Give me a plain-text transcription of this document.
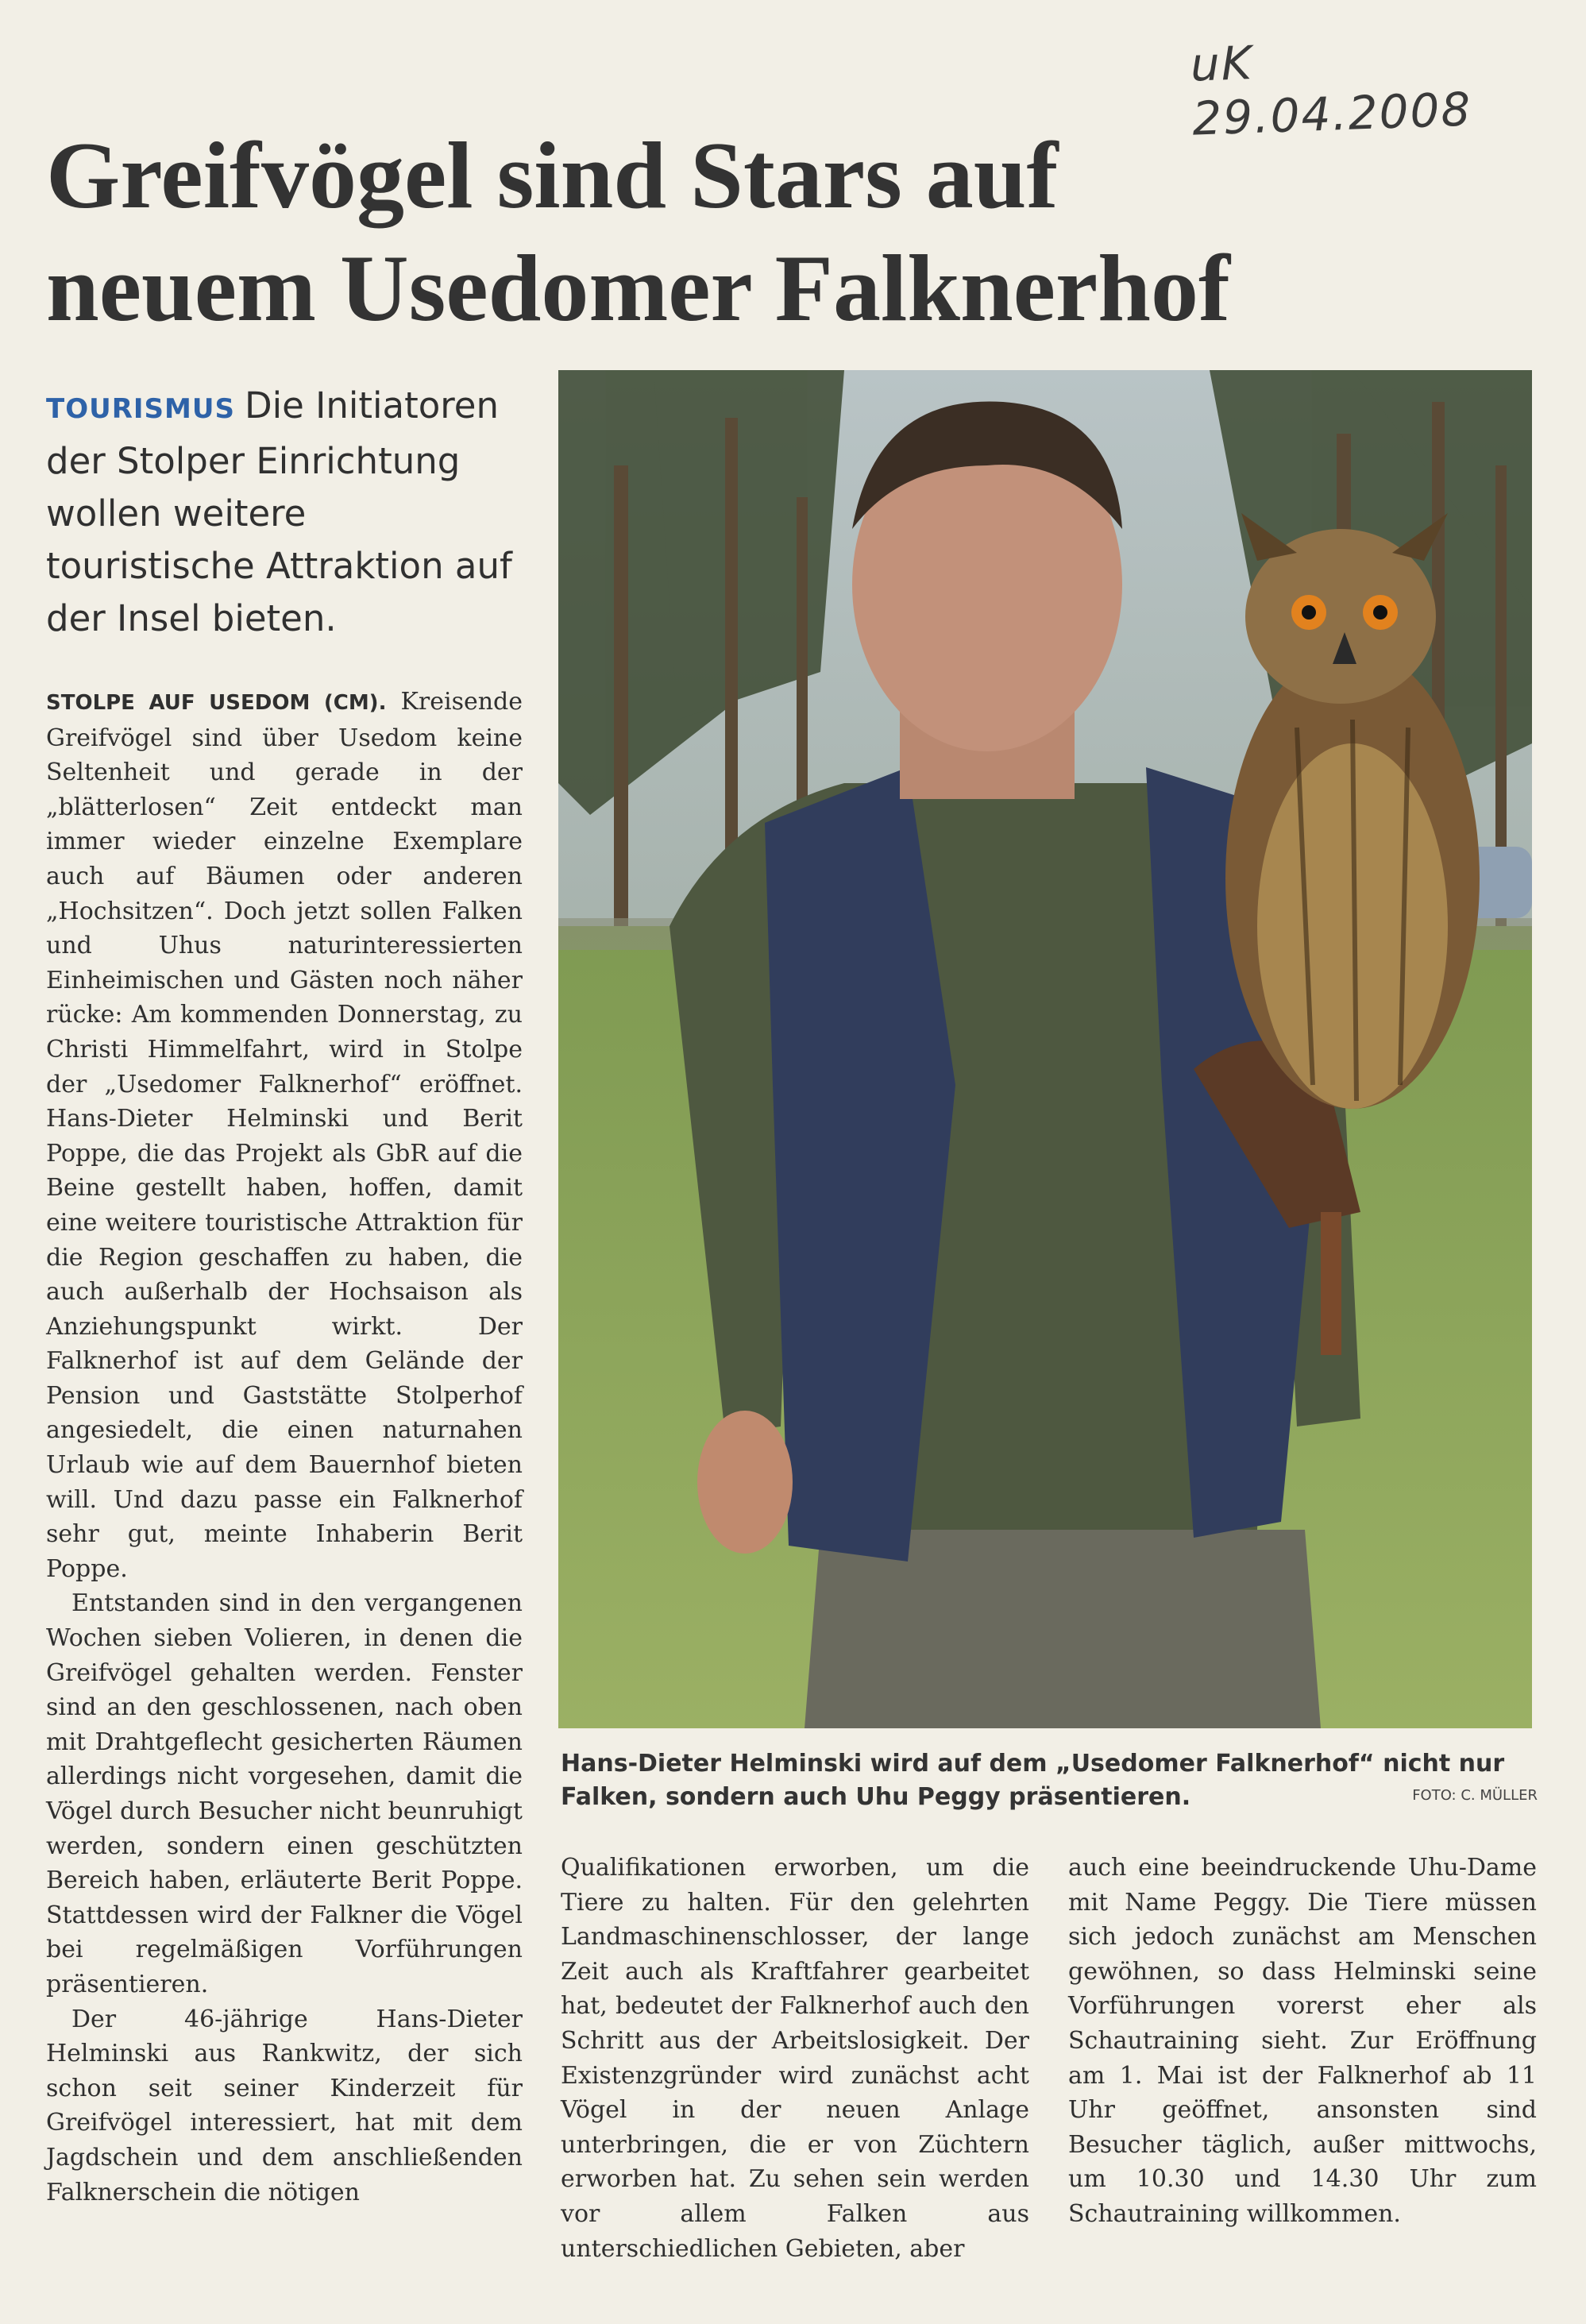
uK 29.04.2008
Greifvögel sind Stars auf
neuem Usedomer Falknerhof
TOURISMUS Die Initiatoren der Stolper Einrichtung wollen weitere touristische Attraktion auf der Insel bieten.

STOLPE AUF USEDOM (CM). Kreisende Greifvögel sind über Usedom keine Seltenheit und gerade in der „blätterlosen“ Zeit entdeckt man immer wieder einzelne Exemplare auch auf Bäumen oder anderen „Hochsitzen“. Doch jetzt sollen Falken und Uhus naturinteressierten Einheimischen und Gästen noch näher rücke: Am kommenden Donnerstag, zu Christi Himmelfahrt, wird in Stolpe der „Usedomer Falknerhof“ eröffnet. Hans-Dieter Helminski und Berit Poppe, die das Projekt als GbR auf die Beine gestellt haben, hoffen, damit eine weitere touristische Attraktion für die Region geschaffen zu haben, die auch außerhalb der Hochsaison als Anziehungspunkt wirkt. Der Falknerhof ist auf dem Gelände der Pension und Gaststätte Stolperhof angesiedelt, die einen naturnahen Urlaub wie auf dem Bauernhof bieten will. Und dazu passe ein Falknerhof sehr gut, meinte Inhaberin Berit Poppe.

Entstanden sind in den vergangenen Wochen sieben Volieren, in denen die Greifvögel gehalten werden. Fenster sind an den geschlossenen, nach oben mit Drahtgeflecht gesicherten Räumen allerdings nicht vorgesehen, damit die Vögel durch Besucher nicht beunruhigt werden, sondern einen geschützten Bereich haben, erläuterte Berit Poppe. Stattdessen wird der Falkner die Vögel bei regelmäßigen Vorführungen präsentieren.

Der 46-jährige Hans-Dieter Helminski aus Rankwitz, der sich schon seit seiner Kinderzeit für Greifvögel interessiert, hat mit dem Jagdschein und dem anschließenden Falknerschein die nötigen

Hans-Dieter Helminski wird auf dem „Usedomer Falknerhof“ nicht nur Falken, sondern auch Uhu Peggy präsentieren.	FOTO: C. MÜLLER

Qualifikationen erworben, um die Tiere zu halten. Für den gelehrten Landmaschinenschlosser, der lange Zeit auch als Kraftfahrer gearbeitet hat, bedeutet der Falknerhof auch den Schritt aus der Arbeitslosigkeit. Der Existenzgründer wird zunächst acht Vögel in der neuen Anlage unterbringen, die er von Züchtern erworben hat. Zu sehen sein werden vor allem Falken aus unterschiedlichen Gebieten, aber

auch eine beeindruckende Uhu-Dame mit Name Peggy. Die Tiere müssen sich jedoch zunächst am Menschen gewöhnen, so dass Helminski seine Vorführungen vorerst eher als Schautraining sieht. Zur Eröffnung am 1. Mai ist der Falknerhof ab 11 Uhr geöffnet, ansonsten sind Besucher täglich, außer mittwochs, um 10.30 und 14.30 Uhr zum Schautraining willkommen.
